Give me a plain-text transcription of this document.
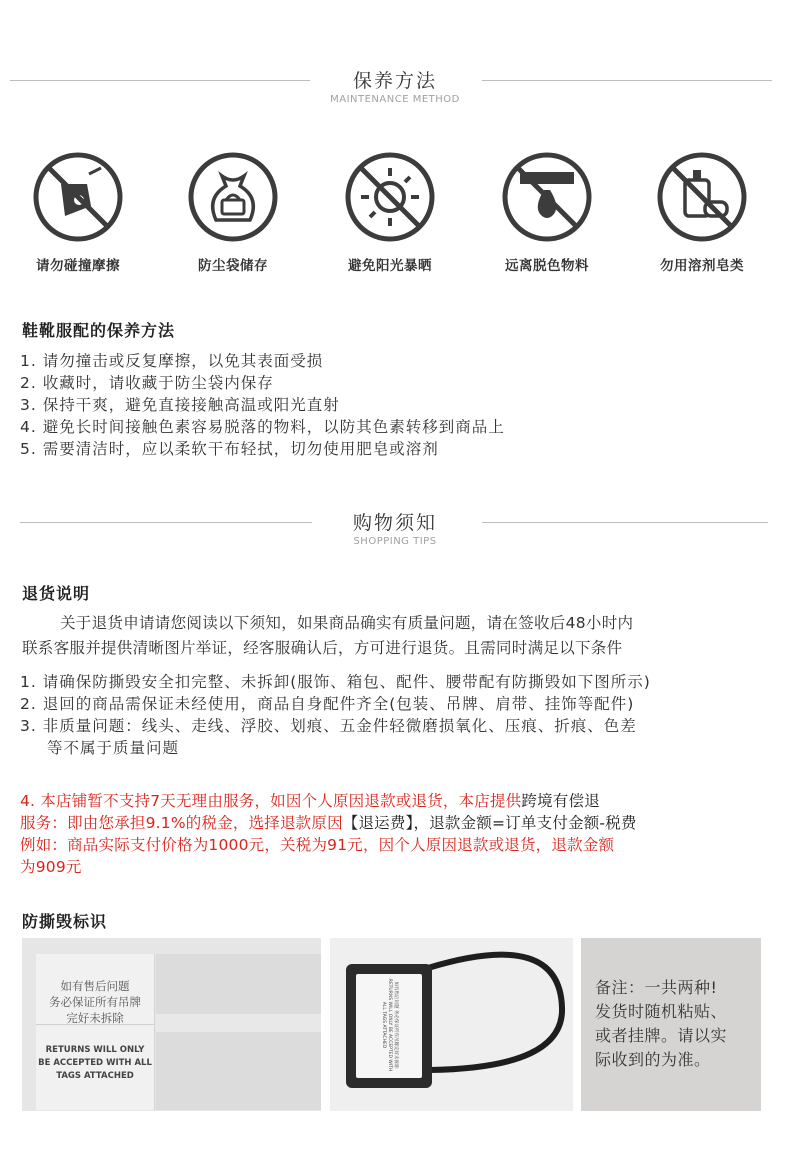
保养方法
MAINTENANCE METHOD
请勿碰撞摩擦	防尘袋储存	避免阳光暴晒	远离脱色物料	勿用溶剂皂类
鞋靴服配的保养方法
1. 请勿撞击或反复摩擦，以免其表面受损
2. 收藏时，请收藏于防尘袋内保存
3. 保持干爽，避免直接接触高温或阳光直射
4. 避免长时间接触色素容易脱落的物料，以防其色素转移到商品上
5. 需要清洁时，应以柔软干布轻拭，切勿使用肥皂或溶剂
购物须知
SHOPPING TIPS
退货说明
关于退货申请请您阅读以下须知，如果商品确实有质量问题，请在签收后48小时内
联系客服并提供清晰图片举证，经客服确认后，方可进行退货。且需同时满足以下条件
1. 请确保防撕毁安全扣完整、未拆卸(服饰、箱包、配件、腰带配有防撕毁如下图所示)
2. 退回的商品需保证未经使用，商品自身配件齐全(包装、吊牌、肩带、挂饰等配件)
3. 非质量问题：线头、走线、浮胶、划痕、五金件轻微磨损氧化、压痕、折痕、色差
等不属于质量问题
4. 本店铺暂不支持7天无理由服务，如因个人原因退款或退货，本店提供跨境有偿退
服务：即由您承担9.1%的税金，选择退款原因【退运费】，退款金额=订单支付金额-税费
例如：商品实际支付价格为1000元，关税为91元，因个人原因退款或退货，退款金额
为909元
防撕毁标识
如有售后问题
务必保证所有吊牌
完好未拆除
RETURNS WILL ONLY
BE ACCEPTED WITH ALL
TAGS ATTACHED
如有售后问题 务必保证所有吊牌完好未拆除 RETURNS WILL ONLY BE ACCEPTED WITH ALL TAGS ATTACHED
备注：一共两种!
发货时随机粘贴、
或者挂牌。请以实
际收到的为准。
